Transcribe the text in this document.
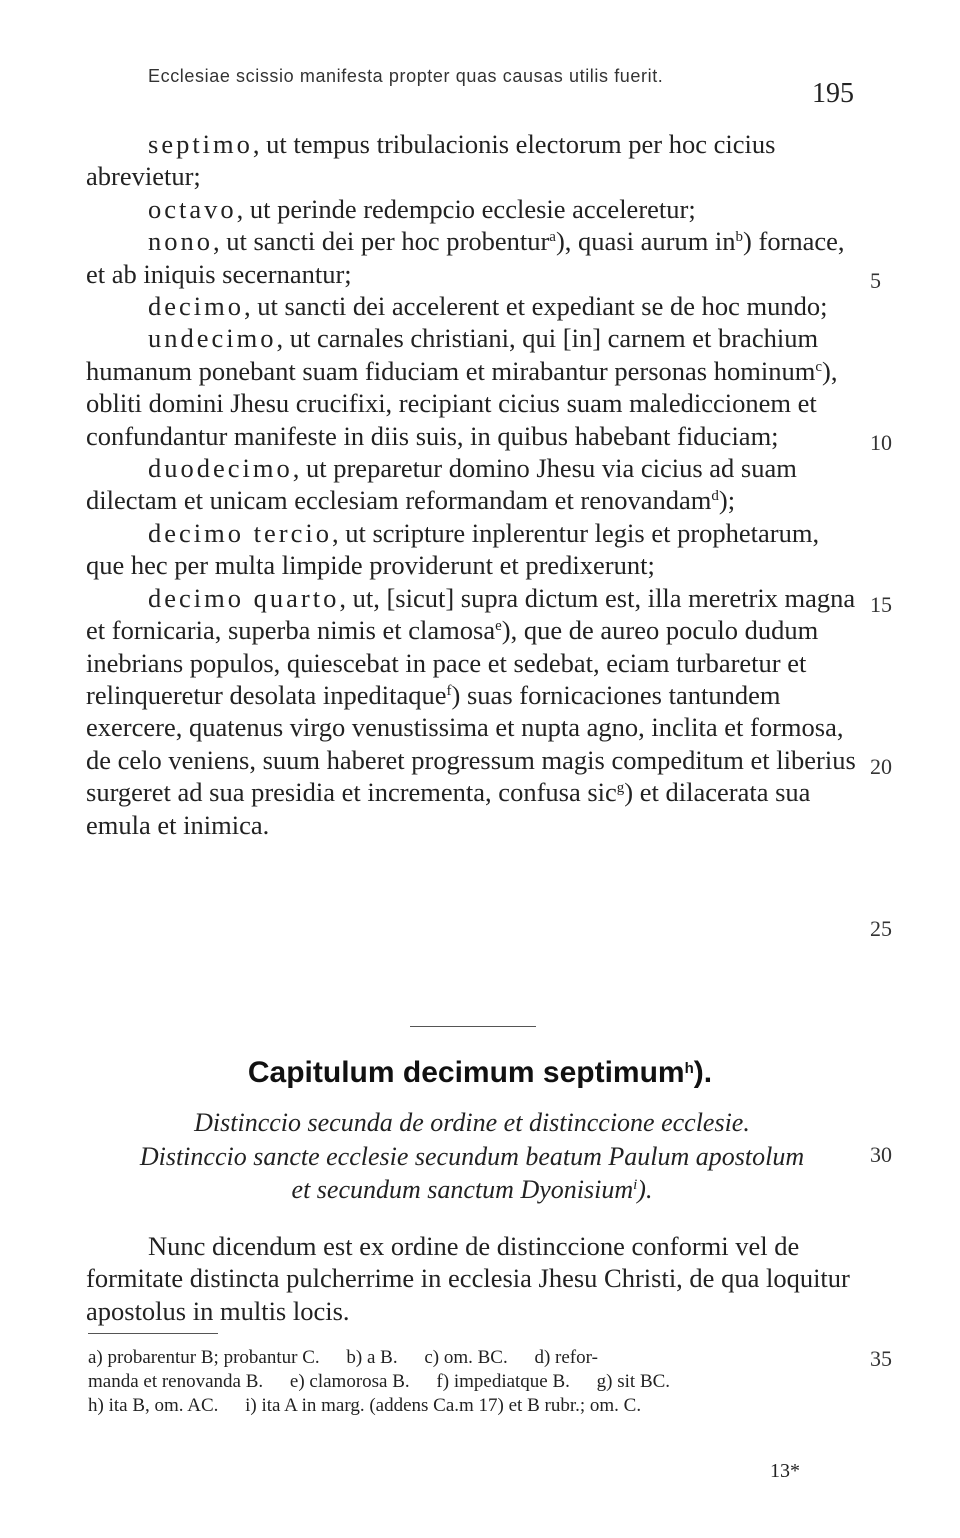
Ecclesiae scissio manifesta propter quas causas utilis fuerit.
195

septimo, ut tempus tribulacionis electorum per hoc cicius abrevietur;

octavo, ut perinde redempcio ecclesie acceleretur;

nono, ut sancti dei per hoc probentur$^a$), quasi aurum $in^b$) fornace, et ab iniquis secernantur;

decimo, ut sancti dei accelerent et expediant se de hoc mundo;

undecimo, ut carnales christiani, qui [in] carnem et brachium humanum ponebant suam fiduciam et mirabantur personas hominum$^c$), obliti domini Jhesu crucifixi, recipiant cicius suam malediccionem et confundantur manifeste in diis suis, in quibus habebant fiduciam;

duodecimo, ut preparetur domino Jhesu via cicius ad suam dilectam et unicam ecclesiam reformandam et renovandam$^d$);

decimo tercio, ut scripture inplerentur legis et prophetarum, que hec per multa limpide providerunt et predixerunt;

decimo quarto, ut, [sicut] supra dictum est, illa meretrix magna et fornicaria, superba nimis et clamosa$^e$), que de aureo poculo dudum inebrians populos, quiescebat in pace et sedebat, eciam turbaretur et relinqueretur desolata inpeditaque$^f$) suas fornicaciones tantundem exercere, quatenus virgo venustissima et nupta agno, inclita et formosa, de celo veniens, suum haberet progressum magis compeditum et liberius surgeret ad sua presidia et incrementa, confusa sic$^g$) et dilacerata sua emula et inimica.

5
10
15
20
25
30
35
Capitulum decimum septimum$^h$).
Distinccio secunda de ordine et distinccione ecclesie.
Distinccio sancte ecclesie secundum beatum Paulum apostolum
et secundum sanctum Dyonisium$^i$).

Nunc dicendum est ex ordine de distinccione conformi vel de formitate distincta pulcherrime in ecclesia Jhesu Christi, de qua loquitur apostolus in multis locis.

a) probarentur B; probantur C. b) a B. c) om. BC. d) refor-
manda et renovanda B. e) clamorosa B. f) impediatque B. g) sit BC.
h) ita B, om. AC. i) ita A in marg. (addens Ca.m 17) et B rubr.; om. C.
13*
